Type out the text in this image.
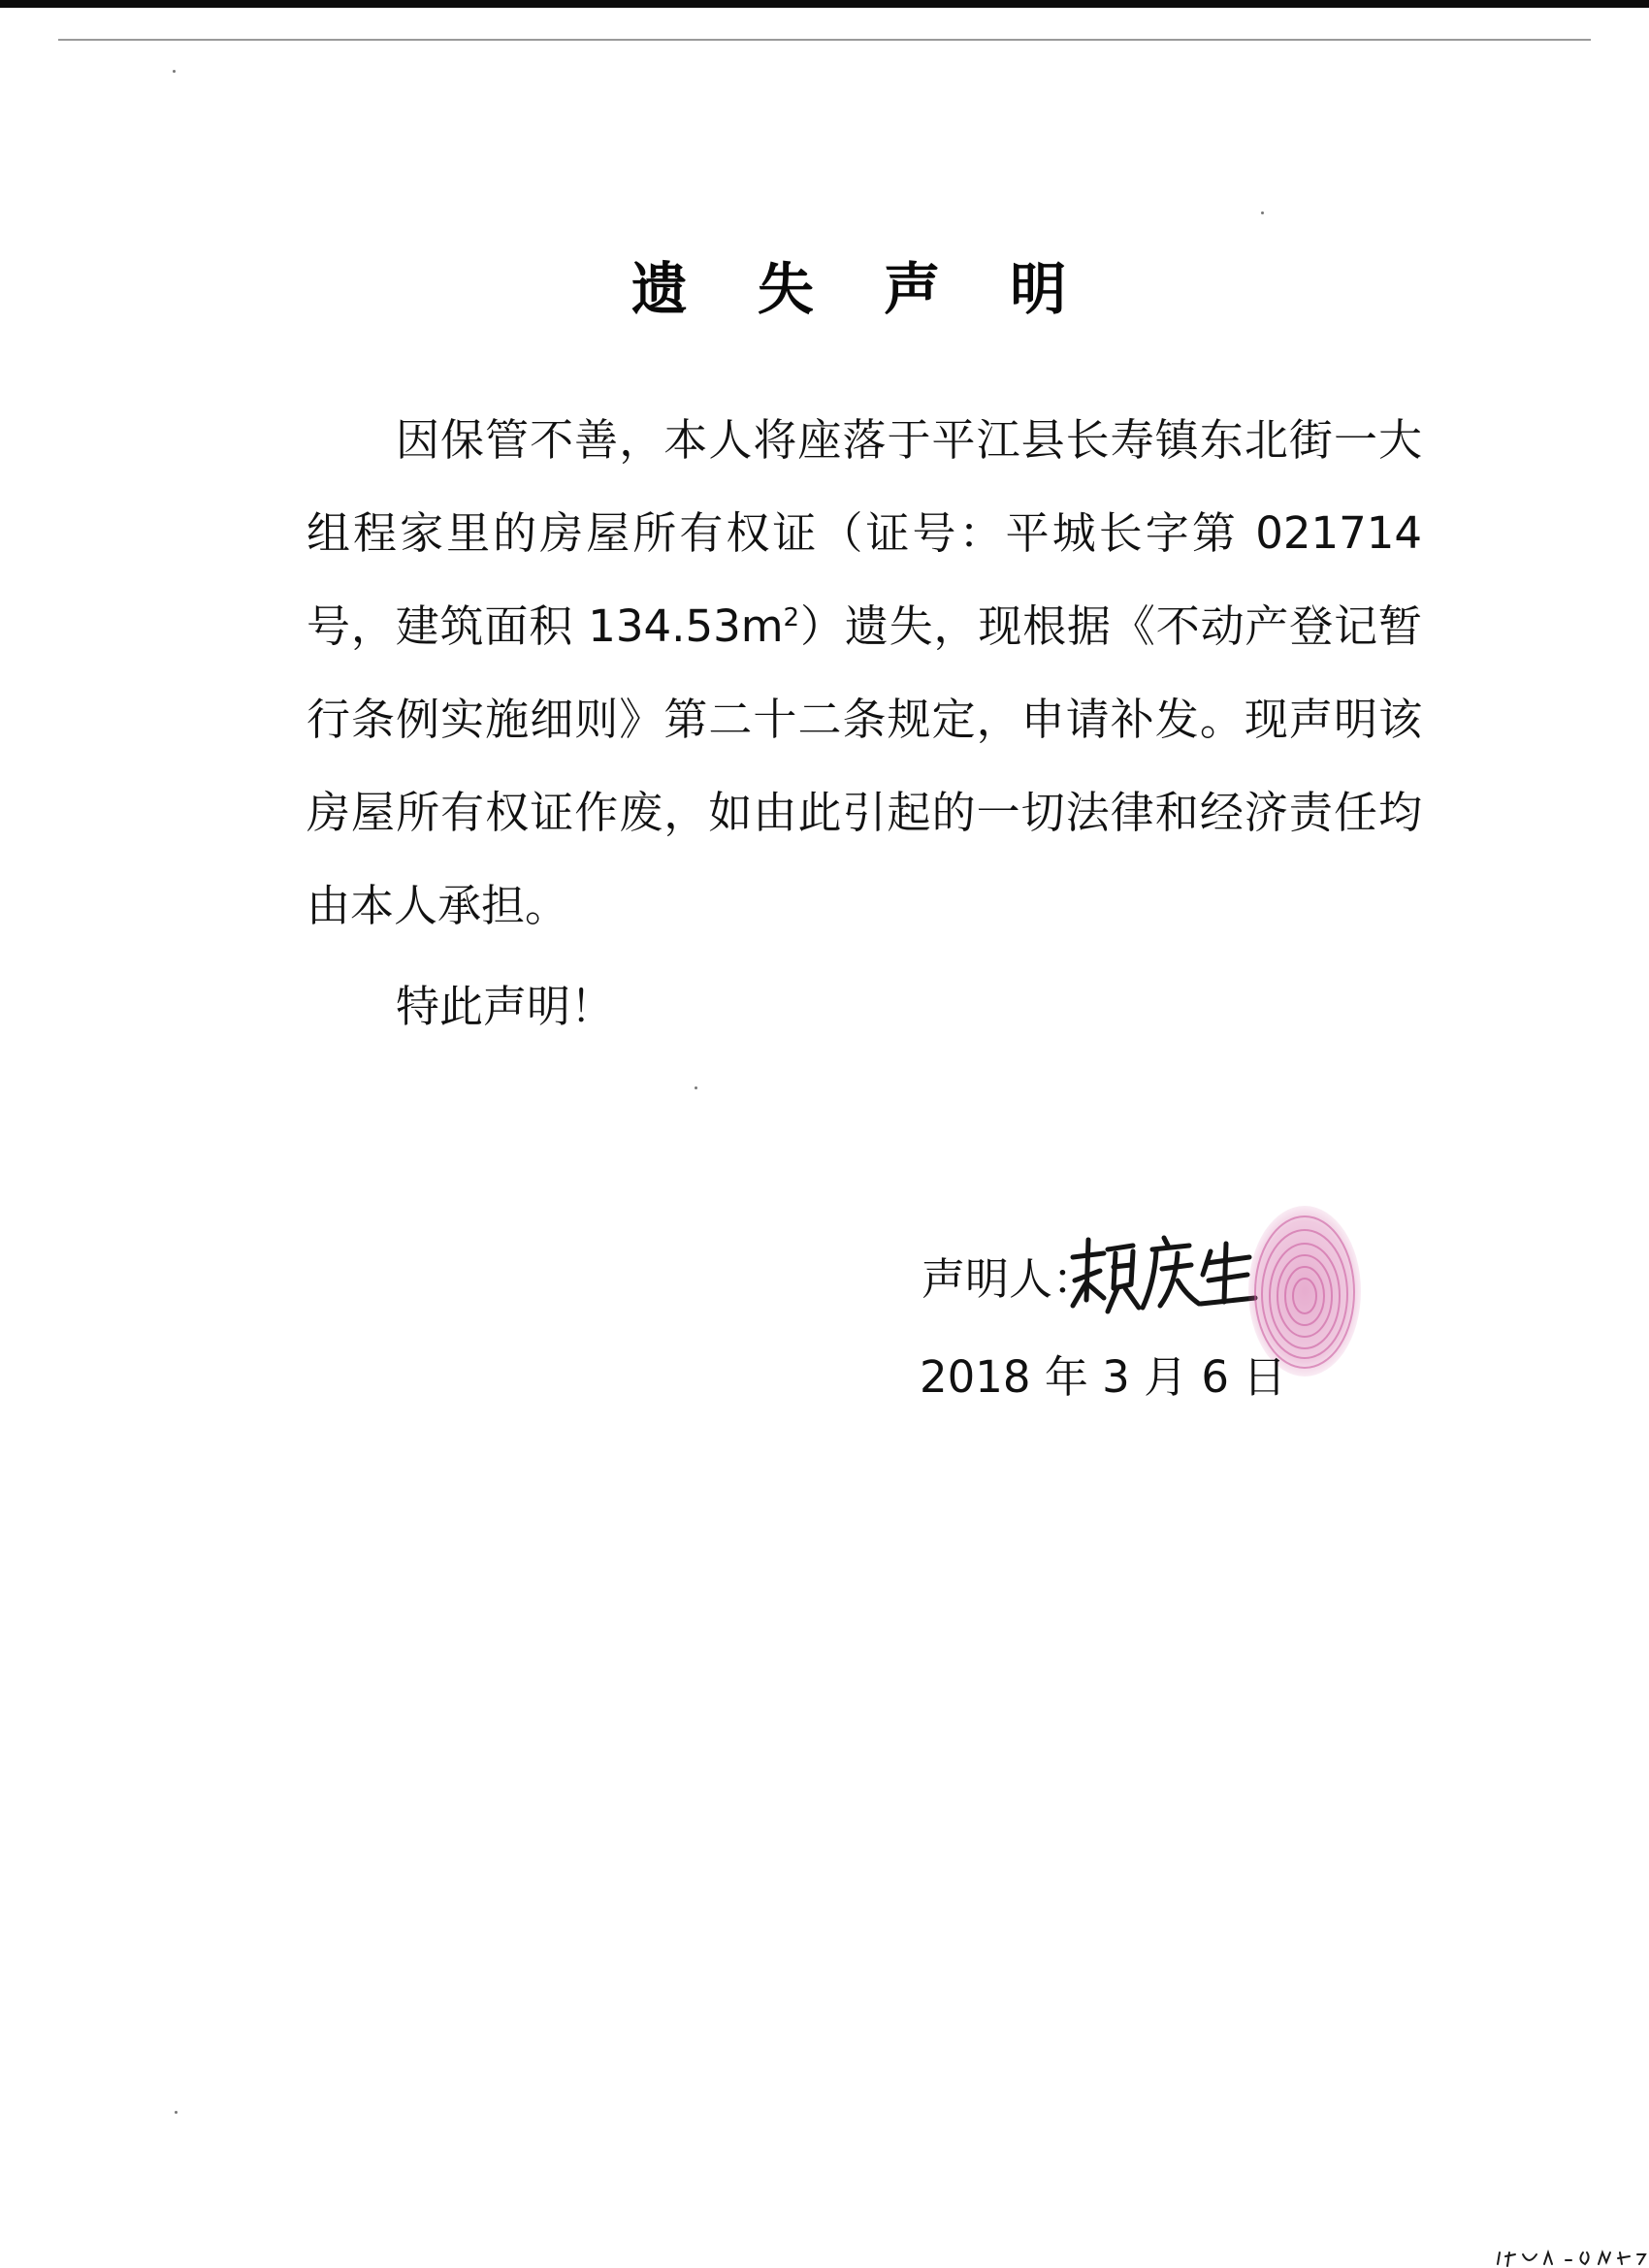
遗 失 声 明

因保管不善，本人将座落于平江县长寿镇东北街一大组程家里的房屋所有权证（证号：平城长字第 021714 号，建筑面积 $134.53m^2$）遗失，现根据《不动产登记暂行条例实施细则》第二十二条规定，申请补发。现声明该房屋所有权证作废，如由此引起的一切法律和经济责任均由本人承担。

特此声明！

声明人：
2018 年 3 月 6 日
